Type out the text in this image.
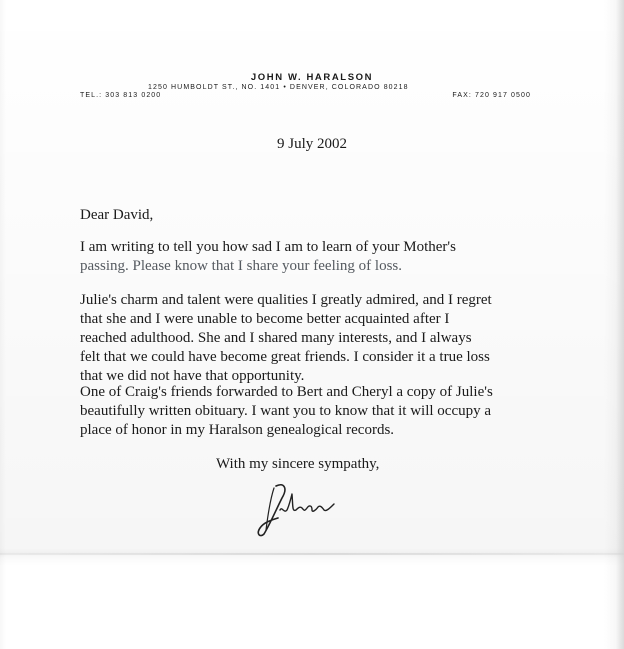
JOHN W. HARALSON
1250 HUMBOLDT ST., NO. 1401 • DENVER, COLORADO 80218
TEL.: 303 813 0200	FAX: 720 917 0500
9 July 2002
Dear David,
I am writing to tell you how sad I am to learn of your Mother's
passing. Please know that I share your feeling of loss.
Julie's charm and talent were qualities I greatly admired, and I regret
that she and I were unable to become better acquainted after I
reached adulthood. She and I shared many interests, and I always
felt that we could have become great friends. I consider it a true loss
that we did not have that opportunity.
One of Craig's friends forwarded to Bert and Cheryl a copy of Julie's
beautifully written obituary. I want you to know that it will occupy a
place of honor in my Haralson genealogical records.
With my sincere sympathy,
